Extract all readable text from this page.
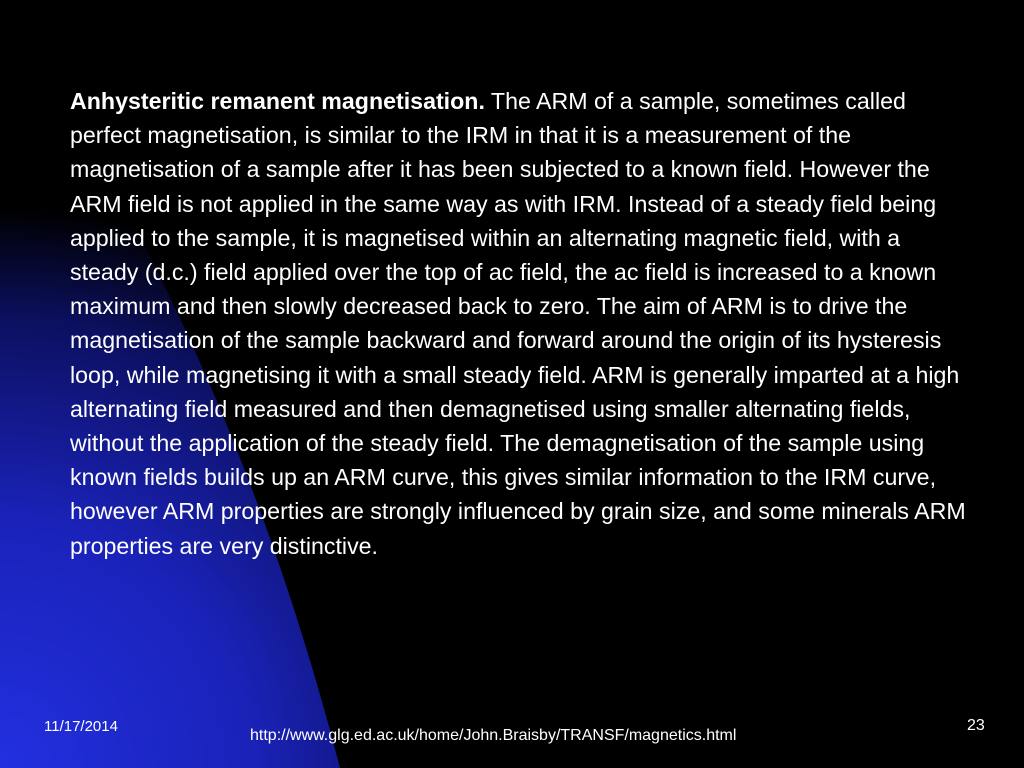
Anhysteritic remanent magnetisation. The ARM of a sample, sometimes called perfect magnetisation, is similar to the IRM in that it is a measurement of the magnetisation of a sample after it has been subjected to a known field. However the ARM field is not applied in the same way as with IRM. Instead of a steady field being applied to the sample, it is magnetised within an alternating magnetic field, with a steady (d.c.) field applied over the top of ac field, the ac field is increased to a known maximum and then slowly decreased back to zero. The aim of ARM is to drive the magnetisation of the sample backward and forward around the origin of its hysteresis loop, while magnetising it with a small steady field. ARM is generally imparted at a high alternating field measured and then demagnetised using smaller alternating fields, without the application of the steady field. The demagnetisation of the sample using known fields builds up an ARM curve, this gives similar information to the IRM curve, however ARM properties are strongly influenced by grain size, and some minerals ARM properties are very distinctive.

11/17/2014
http://www.glg.ed.ac.uk/home/John.Braisby/TRANSF/magnetics.html
23
